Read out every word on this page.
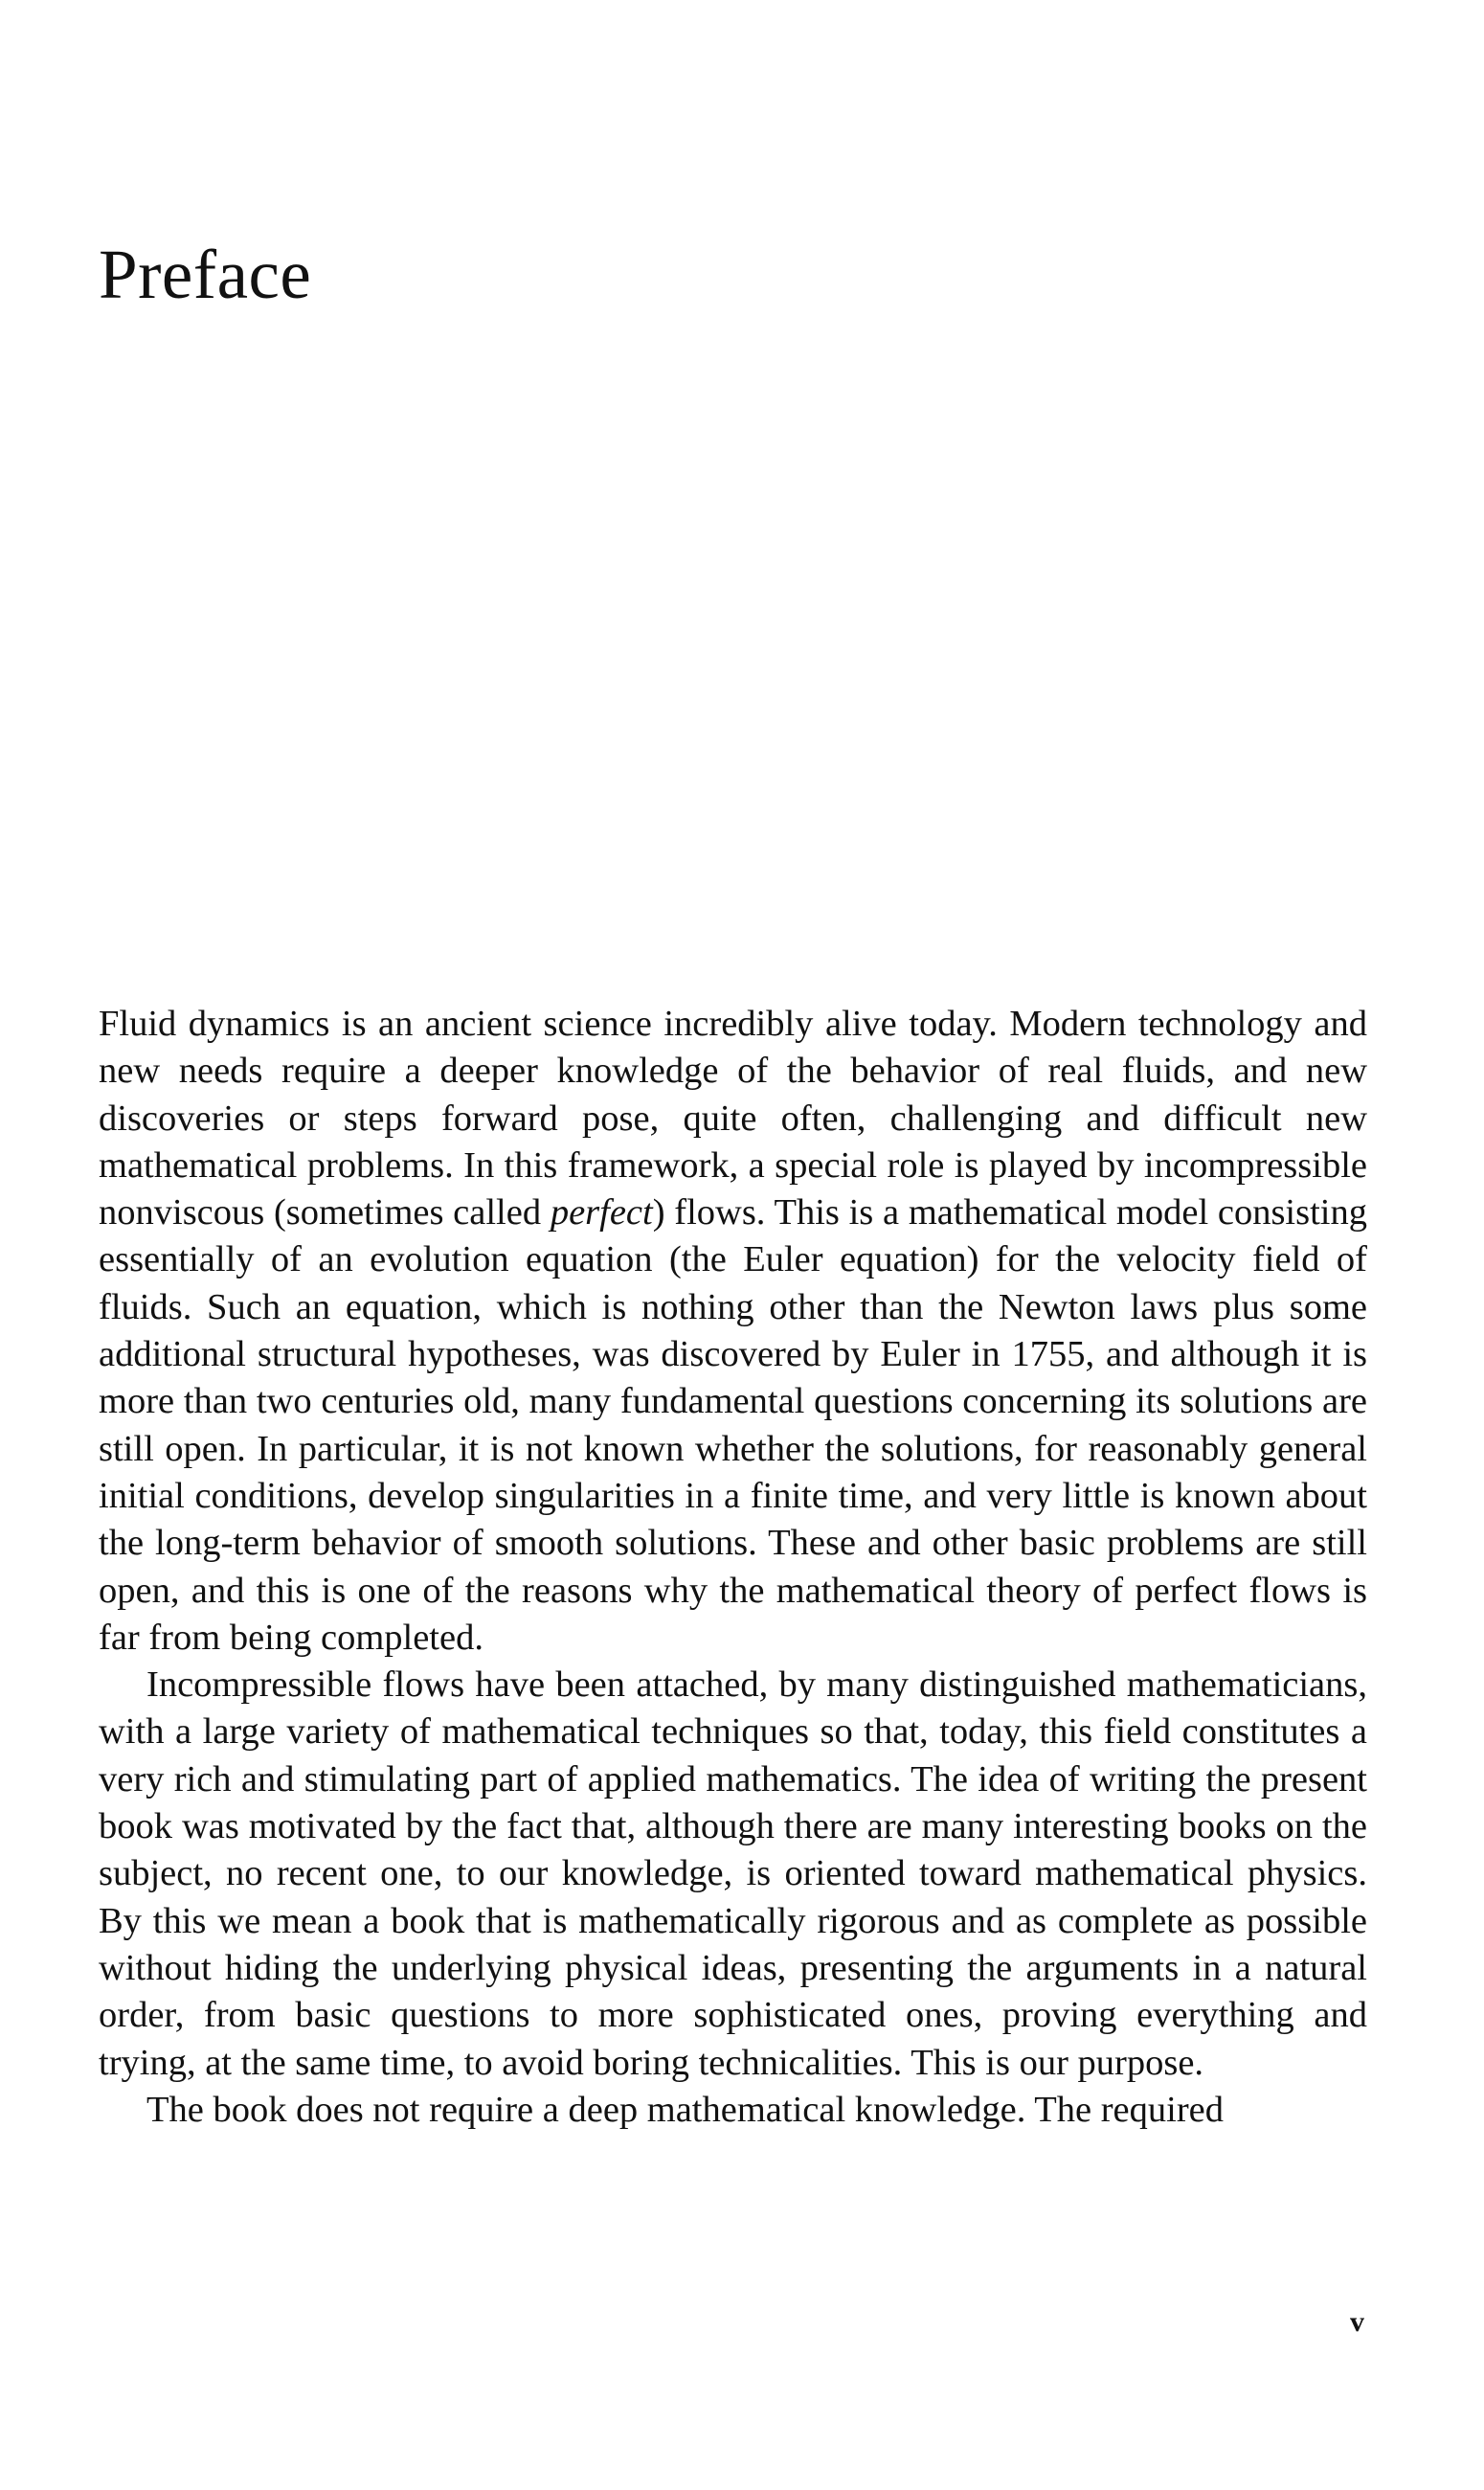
Preface

Fluid dynamics is an ancient science incredibly alive today. Modern technology and new needs require a deeper knowledge of the behavior of real fluids, and new discoveries or steps forward pose, quite often, challenging and difficult new mathematical problems. In this framework, a special role is played by incompressible nonviscous (sometimes called perfect) flows. This is a mathematical model consisting essentially of an evolution equation (the Euler equation) for the velocity field of fluids. Such an equation, which is nothing other than the Newton laws plus some additional structural hypotheses, was discovered by Euler in 1755, and although it is more than two centuries old, many fundamental questions concerning its solutions are still open. In particular, it is not known whether the solutions, for reasonably general initial conditions, develop singularities in a finite time, and very little is known about the long-term behavior of smooth solutions. These and other basic problems are still open, and this is one of the reasons why the mathematical theory of perfect flows is far from being completed.

Incompressible flows have been attached, by many distinguished mathematicians, with a large variety of mathematical techniques so that, today, this field constitutes a very rich and stimulating part of applied mathematics. The idea of writing the present book was motivated by the fact that, although there are many interesting books on the subject, no recent one, to our knowledge, is oriented toward mathematical physics. By this we mean a book that is mathematically rigorous and as complete as possible without hiding the underlying physical ideas, presenting the arguments in a natural order, from basic questions to more sophisticated ones, proving everything and trying, at the same time, to avoid boring technicalities. This is our purpose.

The book does not require a deep mathematical knowledge. The required

v
